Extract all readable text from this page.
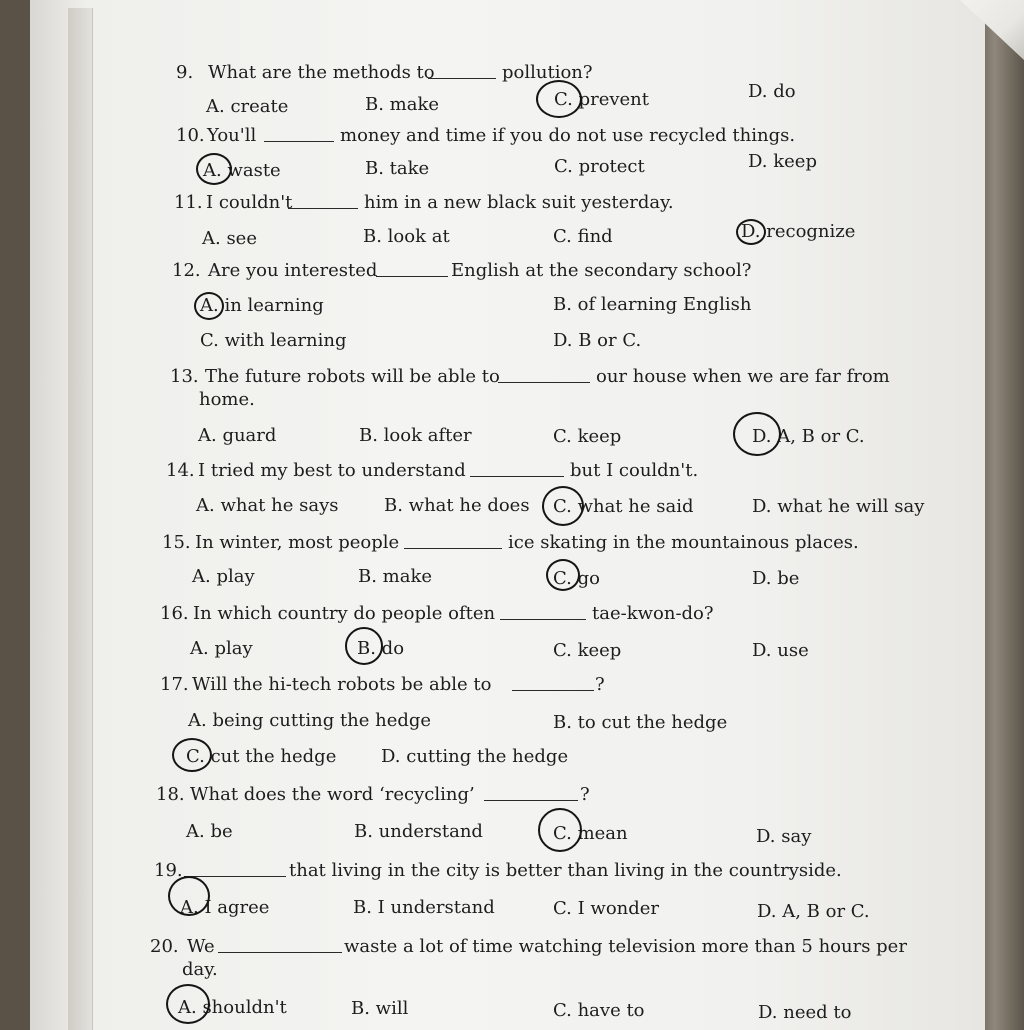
9. What are the methods to	pollution?
A. create	B. make	C. prevent	D. do
10. You'll	money and time if you do not use recycled things.
A. waste	B. take	C. protect	D. keep
11. I couldn't	him in a new black suit yesterday.
A. see	B. look at	C. find	D. recognize
12. Are you interested	English at the secondary school?
A. in learning	B. of learning English
C. with learning	D. B or C.
13. The future robots will be able to	our house when we are far from
home.
A. guard	B. look after	C. keep	D. A, B or C.
14. I tried my best to understand	but I couldn't.
A. what he says	B. what he does C. what he said	D. what he will say
15. In winter, most people	ice skating in the mountainous places.
A. play	B. make	C. go	D. be
16. In which country do people often	tae-kwon-do?
A. play	B. do	C. keep	D. use
17. Will the hi-tech robots be able to	?
A. being cutting the hedge	B. to cut the hedge
C. cut the hedge D. cutting the hedge
18. What does the word ‘recycling’	?
A. be	B. understand	C. mean	D. say
19.	that living in the city is better than living in the countryside.
A. I agree	B. I understand	C. I wonder	D. A, B or C.
20. We	waste a lot of time watching television more than 5 hours per
day.
A. shouldn't	B. will	C. have to	D. need to
